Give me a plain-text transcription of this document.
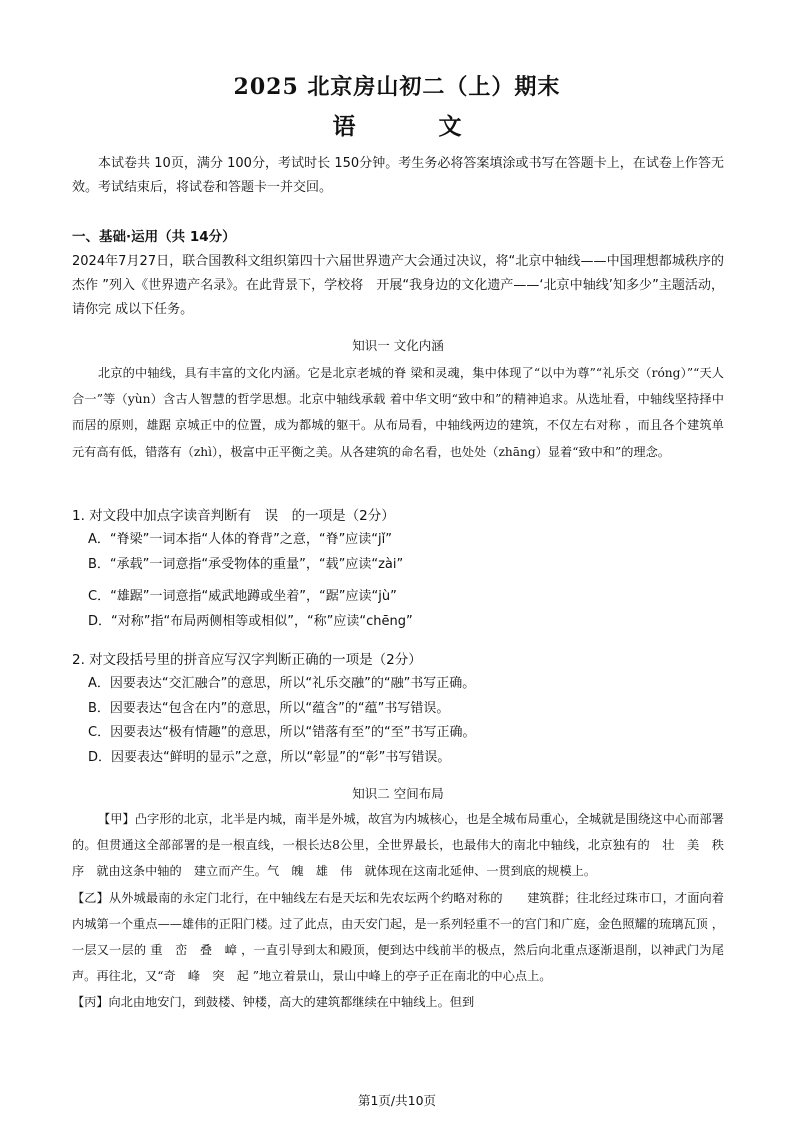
2025 北京房山初二（上）期末
语　文

本试卷共 10页，满分 100分，考试时长 150分钟。考生务必将答案填涂或书写在答题卡上，在试卷上作答无效。考试结束后，将试卷和答题卡一并交回。

一、基础·运用（共 14分）

2024年7月27日，联合国教科文组织第四十六届世界遗产大会通过决议，将“北京中轴线——中国理想都城秩序的杰作 ”列入《世界遗产名录》。在此背景下，学校将　开展“我身边的文化遗产——‘北京中轴线’知多少”主题活动，请你完 成以下任务。

知识一 文化内涵

北京的中轴线，具有丰富的文化内涵。它是北京老城的脊 梁和灵魂，集中体现了“以中为尊”“礼乐交（róng）”“天人合一”等（yùn）含古人智慧的哲学思想。北京中轴线承载 着中华文明“致中和”的精神追求。从选址看，中轴线坚持择中而居的原则，雄踞 京城正中的位置，成为都城的躯干。从布局看，中轴线两边的建筑，不仅左右对称 ，而且各个建筑单元有高有低，错落有（zhì），极富中正平衡之美。从各建筑的命名看，也处处（zhāng）显着“致中和”的理念。

1. 对文段中加点字读音判断有　误　的一项是（2分）

A．“脊梁”一词本指“人体的脊背”之意，“脊”应读“jǐ”

B．“承载”一词意指“承受物体的重量”，“载”应读“zài”

C．“雄踞”一词意指“威武地蹲或坐着”，“踞”应读“jù”

D．“对称”指“布局两侧相等或相似”，“称”应读“chēng”

2. 对文段括号里的拼音应写汉字判断正确的一项是（2分）

A．因要表达“交汇融合”的意思，所以“礼乐交融”的“融”书写正确。

B．因要表达“包含在内”的意思，所以“蕴含”的“蕴”书写错误。

C．因要表达“极有情趣”的意思，所以“错落有至”的“至”书写正确。

D．因要表达“鲜明的显示”之意，所以“彰显”的“彰”书写错误。

知识二 空间布局

【甲】凸字形的北京，北半是内城，南半是外城，故宫为内城核心，也是全城布局重心，全城就是围绕这中心而部署的。但贯通这全部部署的是一根直线，一根长达8公里，全世界最长，也最伟大的南北中轴线，北京独有的　壮　美　秩　序　就由这条中轴的　建立而产生。气　魄　雄　伟　就体现在这南北延伸、一贯到底的规模上。

【乙】从外城最南的永定门北行，在中轴线左右是天坛和先农坛两个约略对称的　　建筑群；往北经过珠市口，才面向着内城第一个重点——雄伟的正阳门楼。过了此点，由天安门起，是一系列轻重不一的宫门和广庭，金色照耀的琉璃瓦顶 ，一层又一层的 重　峦　叠　嶂 ，一直引导到太和殿顶，便到达中线前半的极点，然后向北重点逐渐退削，以神武门为尾声。再往北，又“奇　峰　突　起 ”地立着景山，景山中峰上的亭子正在南北的中心点上。

【丙】向北由地安门，到鼓楼、钟楼，高大的建筑都继续在中轴线上。但到

第1页/共10页
